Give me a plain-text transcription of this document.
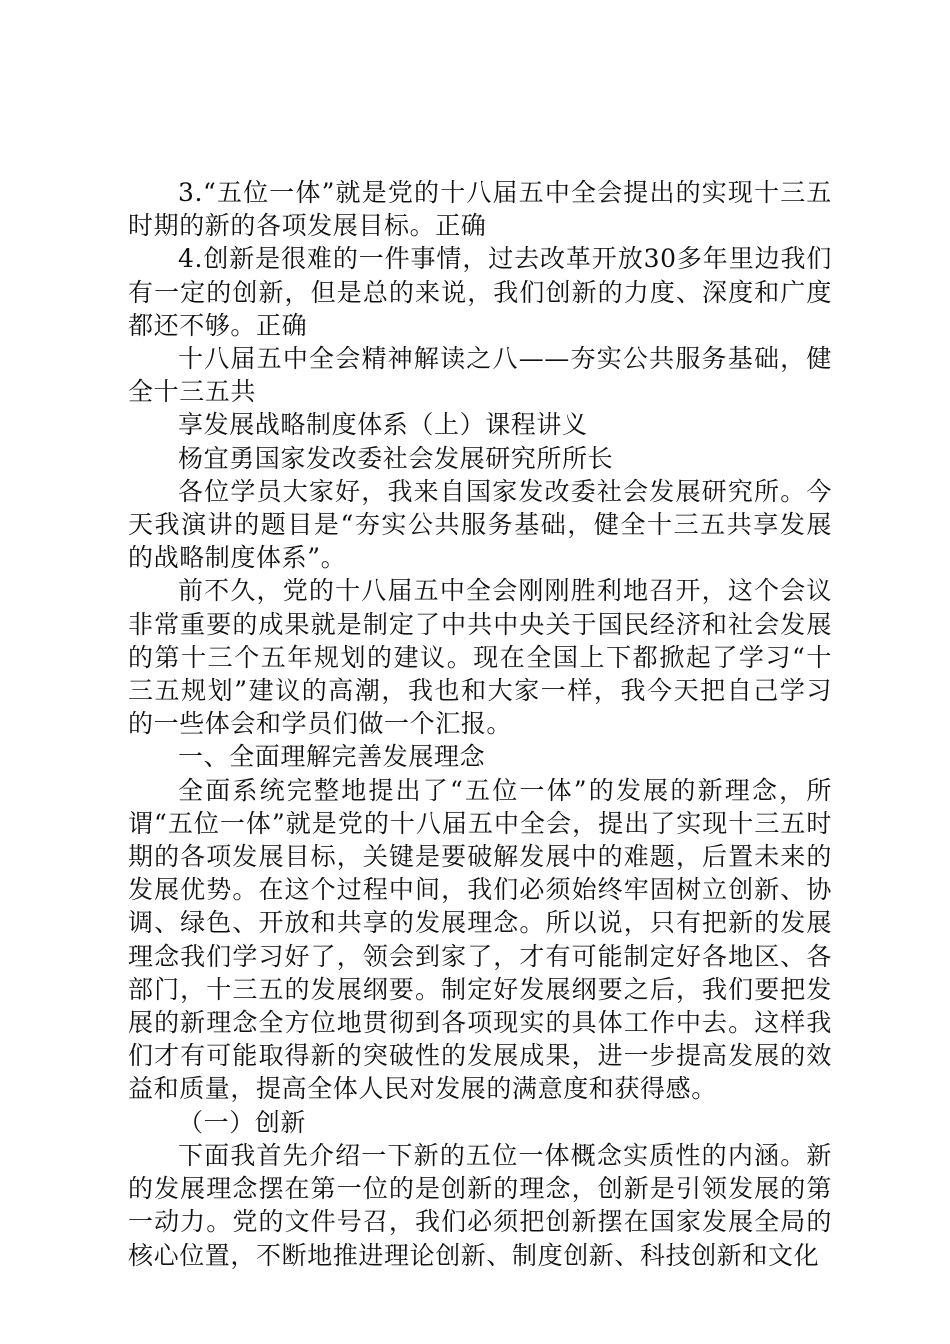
3.“五位一体”就是党的十八届五中全会提出的实现十三五时期的新的各项发展目标。正确

4.创新是很难的一件事情，过去改革开放30多年里边我们有一定的创新，但是总的来说，我们创新的力度、深度和广度都还不够。正确

十八届五中全会精神解读之八——夯实公共服务基础，健全十三五共

享发展战略制度体系（上）课程讲义

杨宜勇国家发改委社会发展研究所所长

各位学员大家好，我来自国家发改委社会发展研究所。今天我演讲的题目是“夯实公共服务基础，健全十三五共享发展的战略制度体系”。

前不久，党的十八届五中全会刚刚胜利地召开，这个会议非常重要的成果就是制定了中共中央关于国民经济和社会发展的第十三个五年规划的建议。现在全国上下都掀起了学习“十三五规划”建议的高潮，我也和大家一样，我今天把自己学习的一些体会和学员们做一个汇报。

一、全面理解完善发展理念

全面系统完整地提出了“五位一体”的发展的新理念，所谓“五位一体”就是党的十八届五中全会，提出了实现十三五时期的各项发展目标，关键是要破解发展中的难题，后置未来的发展优势。在这个过程中间，我们必须始终牢固树立创新、协调、绿色、开放和共享的发展理念。所以说，只有把新的发展理念我们学习好了，领会到家了，才有可能制定好各地区、各部门，十三五的发展纲要。制定好发展纲要之后，我们要把发展的新理念全方位地贯彻到各项现实的具体工作中去。这样我们才有可能取得新的突破性的发展成果，进一步提高发展的效益和质量，提高全体人民对发展的满意度和获得感。

（一）创新

下面我首先介绍一下新的五位一体概念实质性的内涵。新的发展理念摆在第一位的是创新的理念，创新是引领发展的第一动力。党的文件号召，我们必须把创新摆在国家发展全局的核心位置，不断地推进理论创新、制度创新、科技创新和文化
